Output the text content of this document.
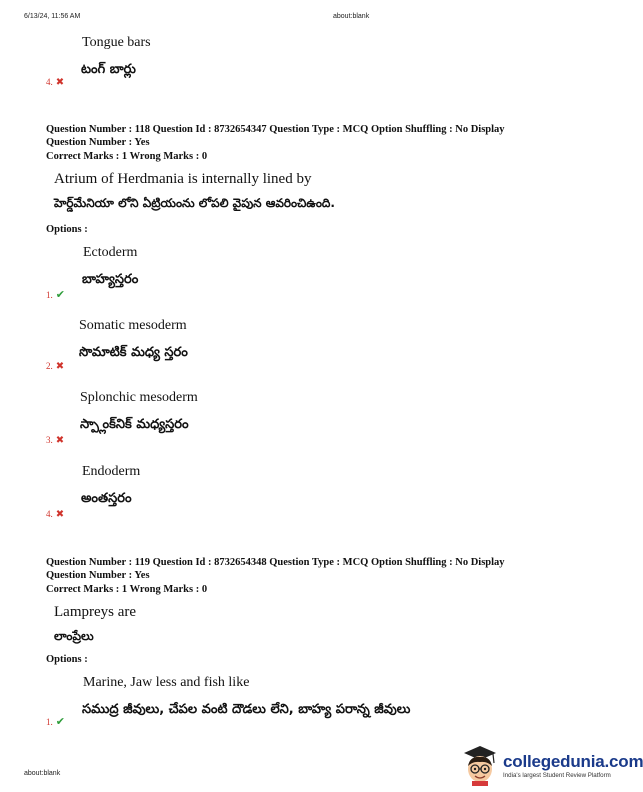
6/13/24, 11:56 AM	about:blank
Tongue bars
టంగ్ బార్లు
4. ✖
Question Number : 118 Question Id : 8732654347 Question Type : MCQ Option Shuffling : No Display
Question Number : Yes
Correct Marks : 1 Wrong Marks : 0
Atrium of Herdmania is internally lined by
హెర్డ్‌మేనియా లోని ఏట్రియంను లోపలి వైపున ఆవరించిఉంది.
Options :
Ectoderm
బాహ్యస్తరం
1. ✔
Somatic mesoderm
సొమాటిక్ మధ్య స్తరం
2. ✖
Splonchic mesoderm
స్ప్లాంక్‌నిక్ మధ్యస్తరం
3. ✖
Endoderm
అంతస్తరం
4. ✖
Question Number : 119 Question Id : 8732654348 Question Type : MCQ Option Shuffling : No Display
Question Number : Yes
Correct Marks : 1 Wrong Marks : 0
Lampreys are
లాంప్రేలు
Options :
Marine, Jaw less and fish like
సముద్ర జీవులు, చేపల వంటి దౌడలు లేని, బాహ్య పరాన్న జీవులు
1. ✔
about:blank
collegedunia.com
India's largest Student Review Platform
